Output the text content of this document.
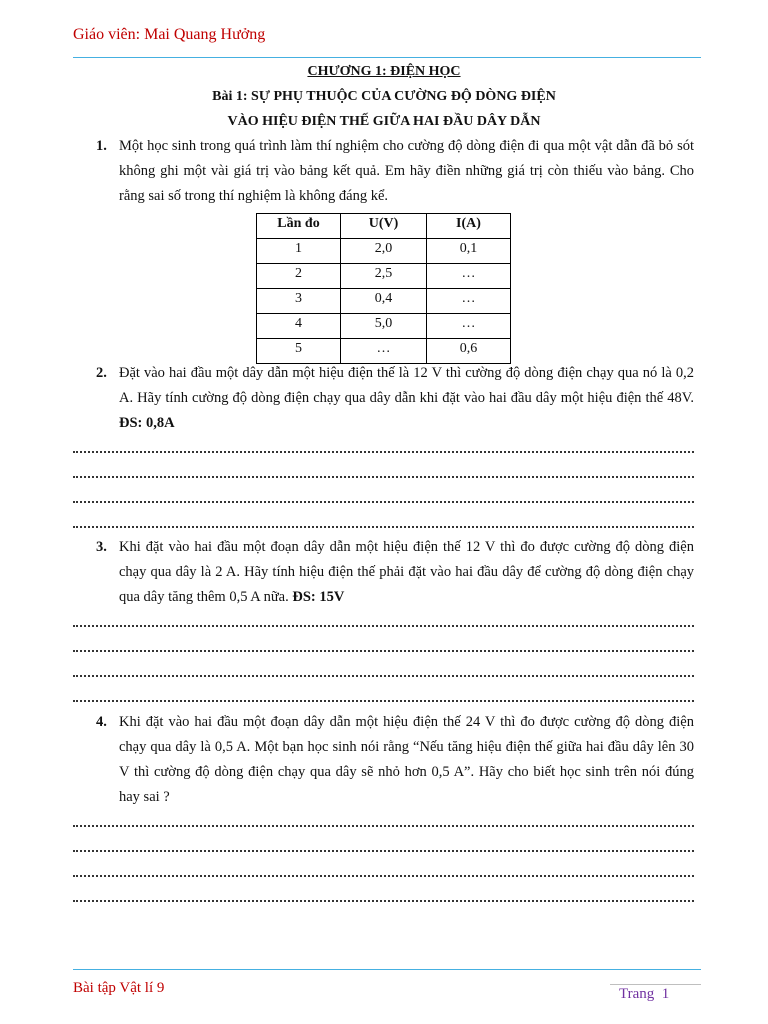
Giáo viên: Mai Quang Hưởng
CHƯƠNG 1: ĐIỆN HỌC
Bài 1: SỰ PHỤ THUỘC CỦA CƯỜNG ĐỘ DÒNG ĐIỆN
VÀO HIỆU ĐIỆN THẾ GIỮA HAI ĐẦU DÂY DẪN
1. Một học sinh trong quá trình làm thí nghiệm cho cường độ dòng điện đi qua một vật dẫn đã bỏ sót không ghi một vài giá trị vào bảng kết quả. Em hãy điền những giá trị còn thiếu vào bảng. Cho rằng sai số trong thí nghiệm là không đáng kể.
Lần đo	U(V)	I(A)
1	2,0	0,1
2	2,5	…
3	0,4	…
4	5,0	…
5	…	0,6
2. Đặt vào hai đầu một dây dẫn một hiệu điện thế là 12 V thì cường độ dòng điện chạy qua nó là 0,2 A. Hãy tính cường độ dòng điện chạy qua dây dẫn khi đặt vào hai đầu dây một hiệu điện thế 48V. ĐS: 0,8A
3. Khi đặt vào hai đầu một đoạn dây dẫn một hiệu điện thế 12 V thì đo được cường độ dòng điện chạy qua dây là 2 A. Hãy tính hiệu điện thế phải đặt vào hai đầu dây để cường độ dòng điện chạy qua dây tăng thêm 0,5 A nữa. ĐS: 15V
4. Khi đặt vào hai đầu một đoạn dây dẫn một hiệu điện thế 24 V thì đo được cường độ dòng điện chạy qua dây là 0,5 A. Một bạn học sinh nói rằng “Nếu tăng hiệu điện thế giữa hai đầu dây lên 30 V thì cường độ dòng điện chạy qua dây sẽ nhỏ hơn 0,5 A”. Hãy cho biết học sinh trên nói đúng hay sai ?
Bài tập Vật lí 9	Trang  1
